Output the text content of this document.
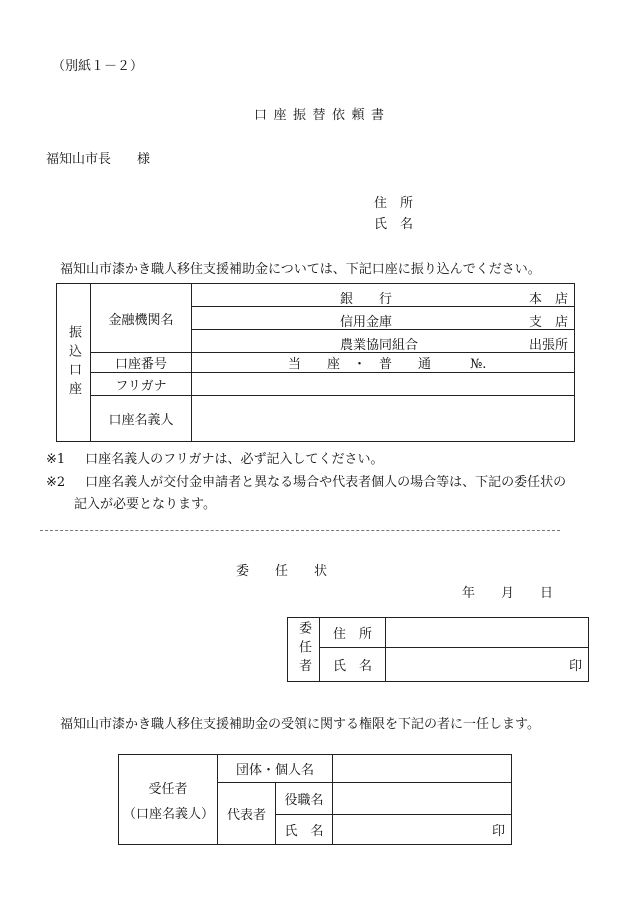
（別紙１－２）
口座振替依頼書
福知山市長　　様
住　所
氏　名
福知山市漆かき職人移住支援補助金については、下記口座に振り込んでください。
振込口座	金融機関名	銀　　行 本　店

		信用金庫 支　店

		農業協同組合 出張所

	口座番号	当　　座　・　普　　通　　　№.
	フリガナ	
	口座名義人	
※1 口座名義人のフリガナは、必ず記入してください。
※2 口座名義人が交付金申請者と異なる場合や代表者個人の場合等は、下記の委任状の
記入が必要となります。
委　　任　　状
年　　月　　日
委任者	住　所	
	氏　名	印
福知山市漆かき職人移住支援補助金の受領に関する権限を下記の者に一任します。
受任者
（口座名義人）	団体・個人名		
	代表者	役職名	
		氏　名	印
